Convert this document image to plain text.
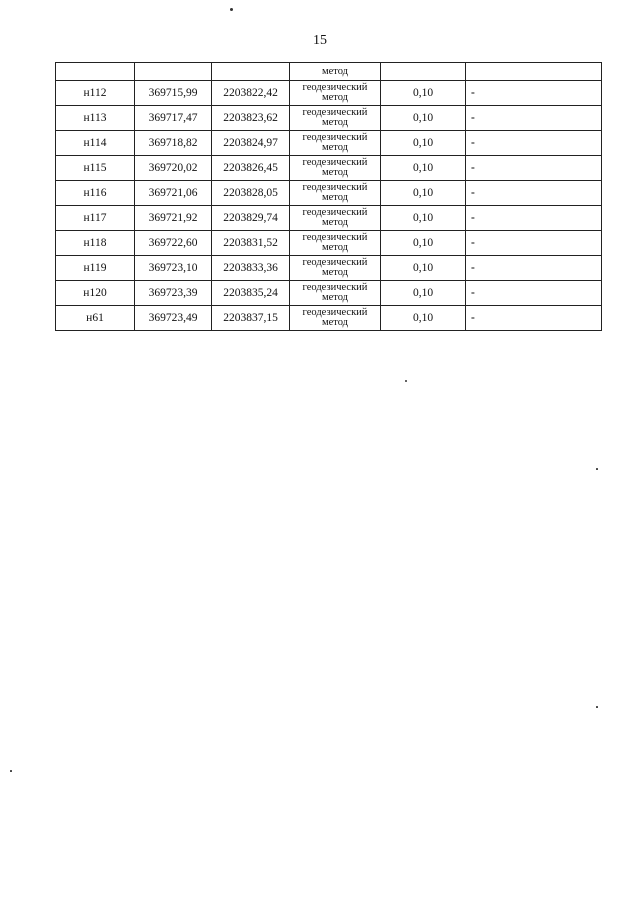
15
			метод		
н112	369715,99	2203822,42	геодезический
метод	0,10	-
н113	369717,47	2203823,62	геодезический
метод	0,10	-
н114	369718,82	2203824,97	геодезический
метод	0,10	-
н115	369720,02	2203826,45	геодезический
метод	0,10	-
н116	369721,06	2203828,05	геодезический
метод	0,10	-
н117	369721,92	2203829,74	геодезический
метод	0,10	-
н118	369722,60	2203831,52	геодезический
метод	0,10	-
н119	369723,10	2203833,36	геодезический
метод	0,10	-
н120	369723,39	2203835,24	геодезический
метод	0,10	-
н61	369723,49	2203837,15	геодезический
метод	0,10	-
